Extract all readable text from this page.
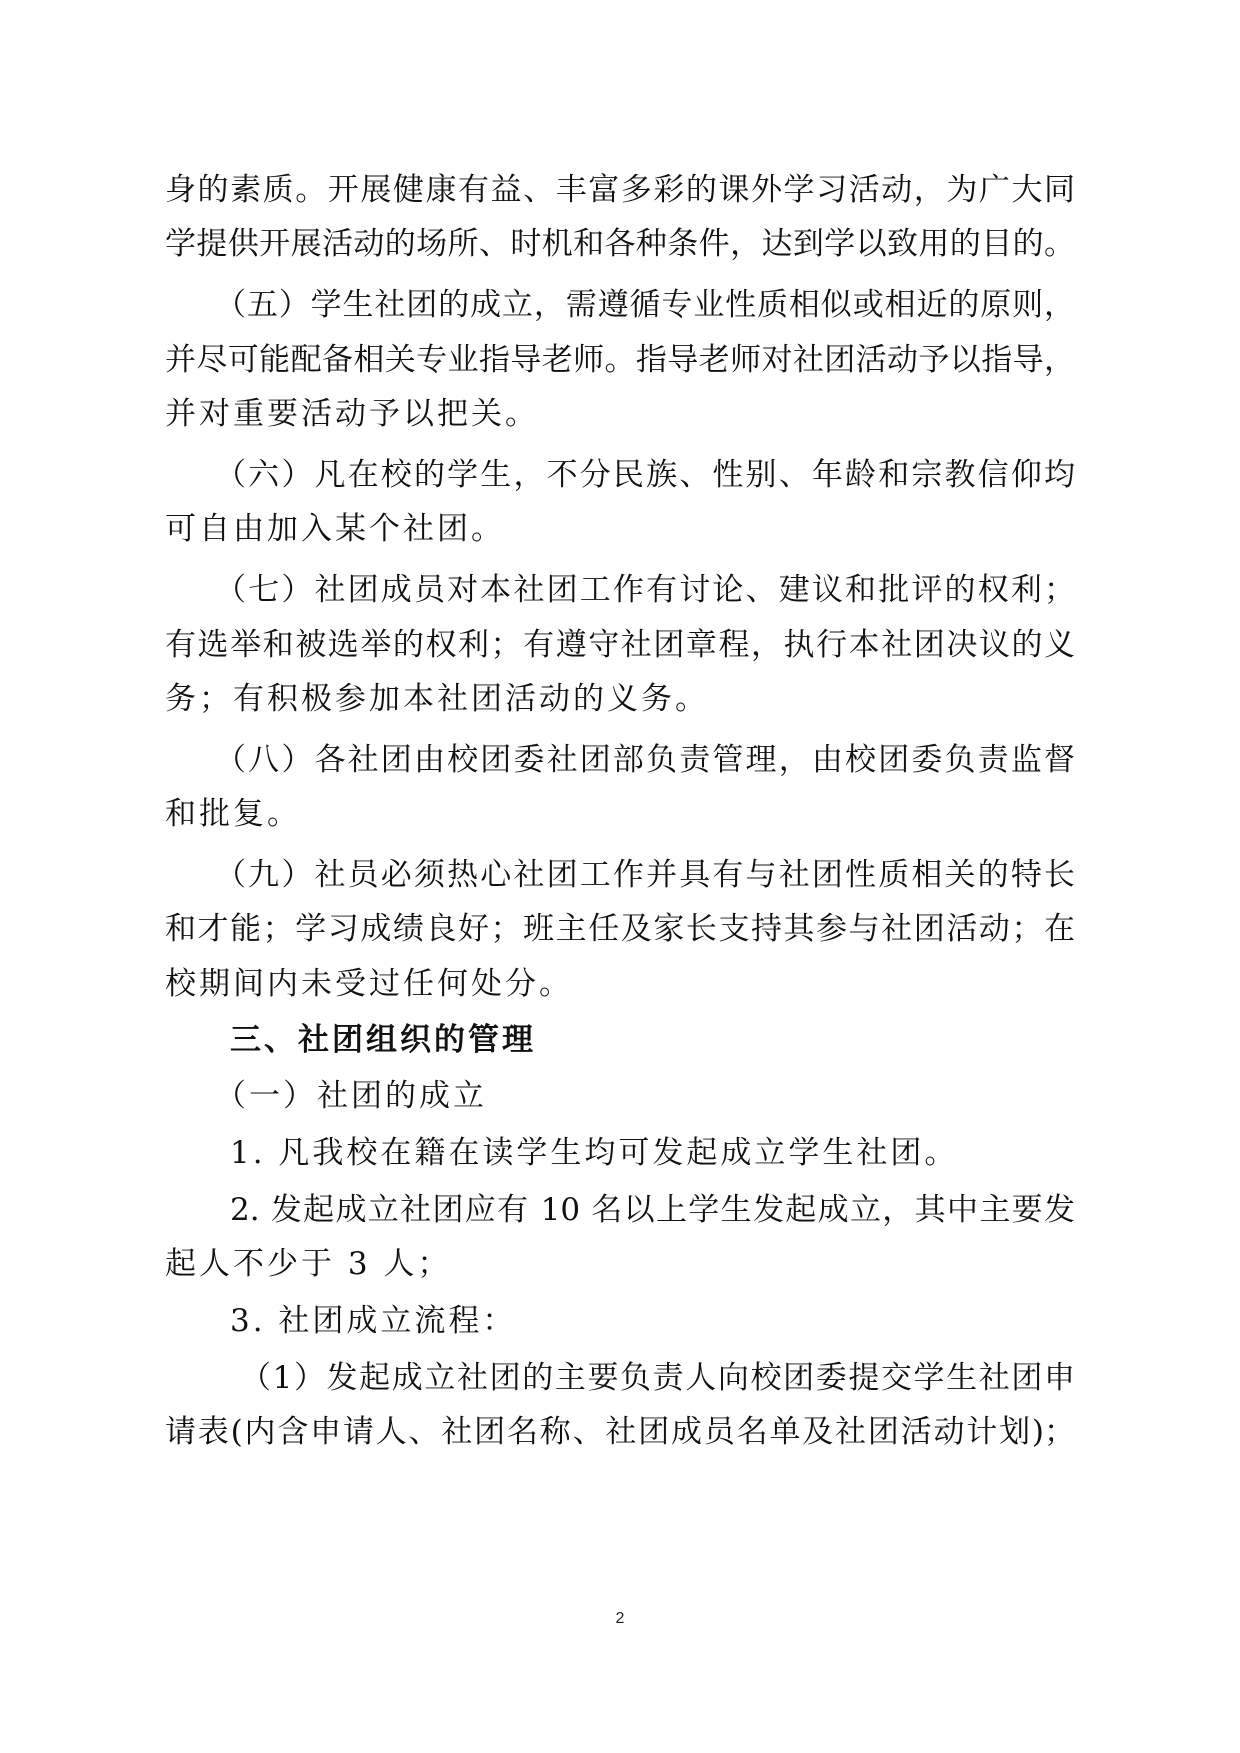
身的素质。开展健康有益、丰富多彩的课外学习活动，为广大同

学提供开展活动的场所、时机和各种条件，达到学以致用的目的。

（五）学生社团的成立，需遵循专业性质相似或相近的原则，

并尽可能配备相关专业指导老师。指导老师对社团活动予以指导，

并对重要活动予以把关。

（六）凡在校的学生，不分民族、性别、年龄和宗教信仰均

可自由加入某个社团。

（七）社团成员对本社团工作有讨论、建议和批评的权利；

有选举和被选举的权利；有遵守社团章程，执行本社团决议的义

务；有积极参加本社团活动的义务。

（八）各社团由校团委社团部负责管理，由校团委负责监督

和批复。

（九）社员必须热心社团工作并具有与社团性质相关的特长

和才能；学习成绩良好；班主任及家长支持其参与社团活动；在

校期间内未受过任何处分。

三、社团组织的管理

（一）社团的成立

1. 凡我校在籍在读学生均可发起成立学生社团。

2. 发起成立社团应有 10 名以上学生发起成立，其中主要发

起人不少于 3 人；

3. 社团成立流程：

（1）发起成立社团的主要负责人向校团委提交学生社团申

请表(内含申请人、社团名称、社团成员名单及社团活动计划)；

2
